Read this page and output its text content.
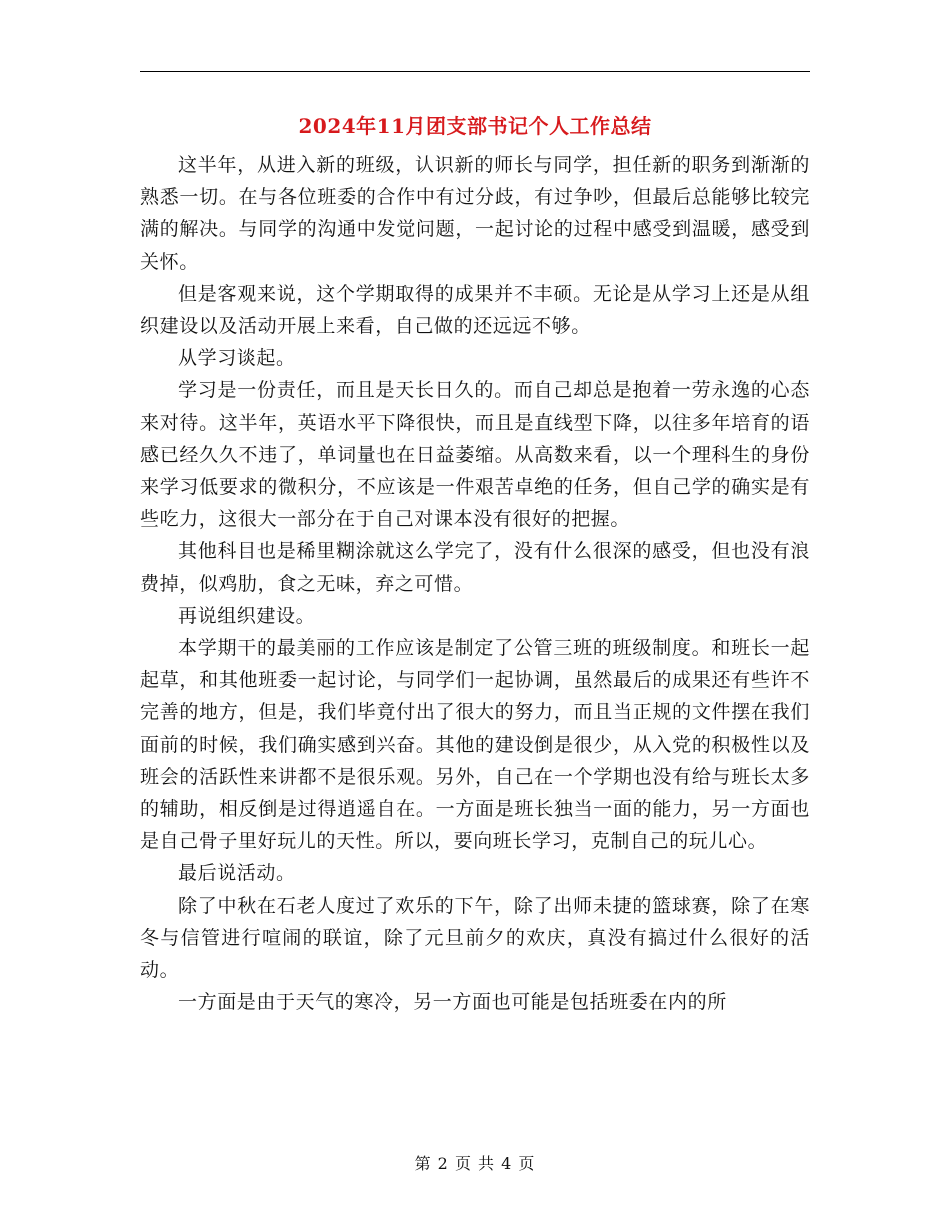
2024年11月团支部书记个人工作总结

这半年，从进入新的班级，认识新的师长与同学，担任新的职务到渐渐的熟悉一切。在与各位班委的合作中有过分歧，有过争吵，但最后总能够比较完满的解决。与同学的沟通中发觉问题，一起讨论的过程中感受到温暖，感受到关怀。

但是客观来说，这个学期取得的成果并不丰硕。无论是从学习上还是从组织建设以及活动开展上来看，自己做的还远远不够。

从学习谈起。

学习是一份责任，而且是天长日久的。而自己却总是抱着一劳永逸的心态来对待。这半年，英语水平下降很快，而且是直线型下降，以往多年培育的语感已经久久不违了，单词量也在日益萎缩。从高数来看，以一个理科生的身份来学习低要求的微积分，不应该是一件艰苦卓绝的任务，但自己学的确实是有些吃力，这很大一部分在于自己对课本没有很好的把握。

其他科目也是稀里糊涂就这么学完了，没有什么很深的感受，但也没有浪费掉，似鸡肋，食之无味，弃之可惜。

再说组织建设。

本学期干的最美丽的工作应该是制定了公管三班的班级制度。和班长一起起草，和其他班委一起讨论，与同学们一起协调，虽然最后的成果还有些许不完善的地方，但是，我们毕竟付出了很大的努力，而且当正规的文件摆在我们面前的时候，我们确实感到兴奋。其他的建设倒是很少，从入党的积极性以及班会的活跃性来讲都不是很乐观。另外，自己在一个学期也没有给与班长太多的辅助，相反倒是过得逍遥自在。一方面是班长独当一面的能力，另一方面也是自己骨子里好玩儿的天性。所以，要向班长学习，克制自己的玩儿心。

最后说活动。

除了中秋在石老人度过了欢乐的下午，除了出师未捷的篮球赛，除了在寒冬与信管进行喧闹的联谊，除了元旦前夕的欢庆，真没有搞过什么很好的活动。

一方面是由于天气的寒冷，另一方面也可能是包括班委在内的所

第 2 页 共 4 页
